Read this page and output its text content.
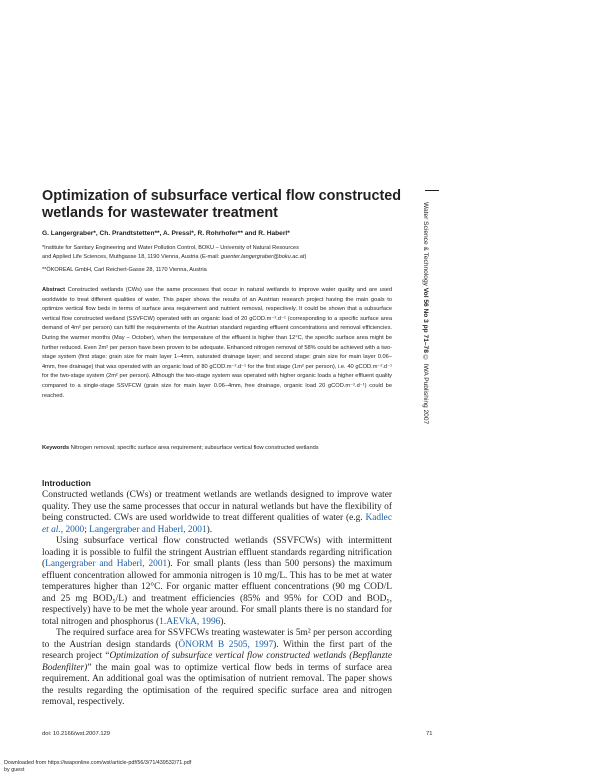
Water Science & Technology Vol 56 No 3 pp 71–78 © IWA Publishing 2007
Optimization of subsurface vertical flow constructed wetlands for wastewater treatment
G. Langergraber*, Ch. Prandtstetten**, A. Pressl*, R. Rohrhofer** and R. Haberl*
*Institute for Sanitary Engineering and Water Pollution Control, BOKU – University of Natural Resources
and Applied Life Sciences, Muthgasse 18, 1190 Vienna, Austria (E-mail: guenter.langergraber@boku.ac.at)
**ÖKOREAL GmbH, Carl Reichert-Gasse 28, 1170 Vienna, Austria
Abstract Constructed wetlands (CWs) use the same processes that occur in natural wetlands to improve water quality and are used worldwide to treat different qualities of water. This paper shows the results of an Austrian research project having the main goals to optimize vertical flow beds in terms of surface area requirement and nutrient removal, respectively. It could be shown that a subsurface vertical flow constructed wetland (SSVFCW) operated with an organic load of 20 gCOD.m⁻².d⁻¹ (corresponding to a specific surface area demand of 4m² per person) can fulfil the requirements of the Austrian standard regarding effluent concentrations and removal efficiencies. During the warmer months (May – October), when the temperature of the effluent is higher than 12°C, the specific surface area might be further reduced. Even 2m² per person have been proven to be adequate. Enhanced nitrogen removal of 58% could be achieved with a two-stage system (first stage: grain size for main layer 1–4mm, saturated drainage layer; and second stage: grain size for main layer 0.06–4mm, free drainage) that was operated with an organic load of 80 gCOD.m⁻².d⁻¹ for the first stage (1m² per person), i.e. 40 gCOD.m⁻².d⁻¹ for the two-stage system (2m² per person). Although the two-stage system was operated with higher organic loads a higher effluent quality compared to a single-stage SSVFCW (grain size for main layer 0.06–4mm, free drainage, organic load 20 gCOD.m⁻².d⁻¹) could be reached.
Keywords Nitrogen removal; specific surface area requirement; subsurface vertical flow constructed wetlands
Introduction

Constructed wetlands (CWs) or treatment wetlands are wetlands designed to improve water quality. They use the same processes that occur in natural wetlands but have the flexibility of being constructed. CWs are used worldwide to treat different qualities of water (e.g. Kadlec et al., 2000; Langergraber and Haberl, 2001).

Using subsurface vertical flow constructed wetlands (SSVFCWs) with intermittent loading it is possible to fulfil the stringent Austrian effluent standards regarding nitrification (Langergraber and Haberl, 2001). For small plants (less than 500 persons) the maximum effluent concentration allowed for ammonia nitrogen is 10 mg/L. This has to be met at water temperatures higher than 12°C. For organic matter effluent concentrations (90 mg COD/L and 25 mg BOD₅/L) and treatment efficiencies (85% and 95% for COD and BOD₅, respectively) have to be met the whole year around. For small plants there is no standard for total nitrogen and phosphorus (1.AEVkA, 1996).

The required surface area for SSVFCWs treating wastewater is 5m² per person according to the Austrian design standards (ÖNORM B 2505, 1997). Within the first part of the research project “Optimization of subsurface vertical flow constructed wetlands (Bepflanzte Bodenfilter)” the main goal was to optimize vertical flow beds in terms of surface area requirement. An additional goal was the optimisation of nutrient removal. The paper shows the results regarding the optimisation of the required specific surface area and nitrogen removal, respectively.

doi: 10.2166/wst.2007.129	71
Downloaded from https://iwaponline.com/wst/article-pdf/56/3/71/439532/71.pdf
by guest
